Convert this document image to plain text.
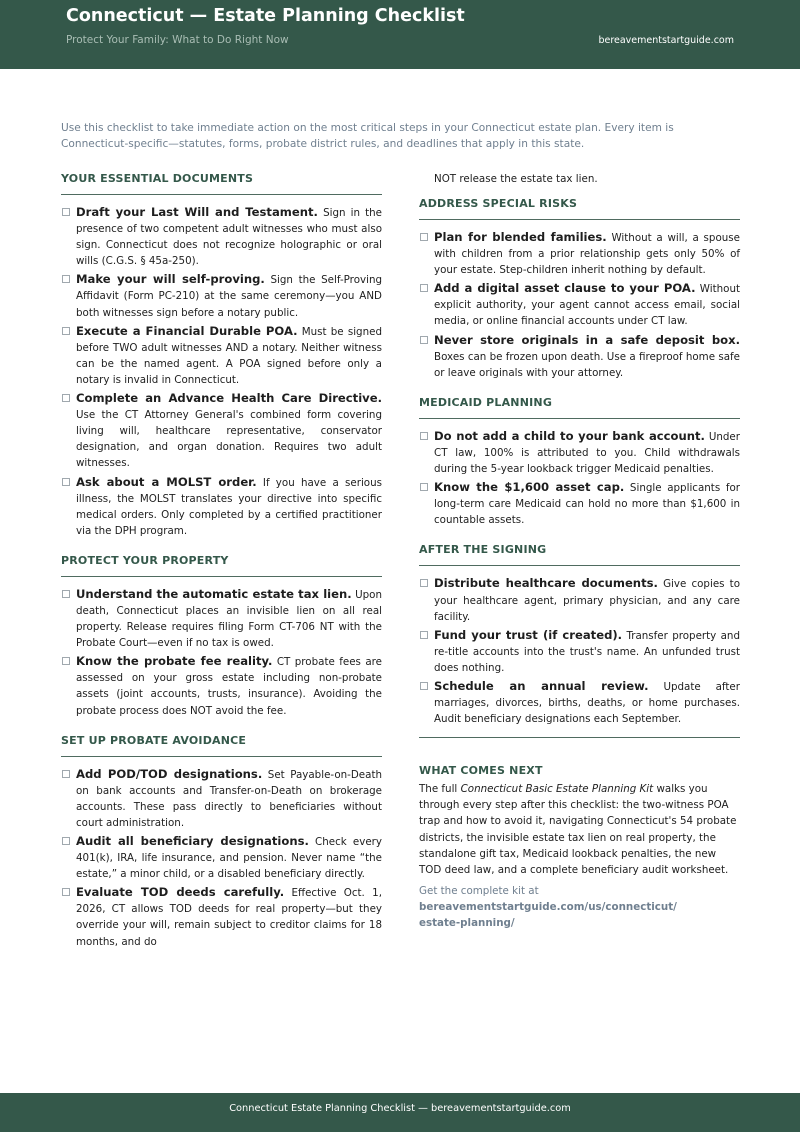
Connecticut — Estate Planning Checklist
Protect Your Family: What to Do Right Now	bereavementstartguide.com
Use this checklist to take immediate action on the most critical steps in your Connecticut estate plan. Every item is Connecticut-specific—statutes, forms, probate district rules, and deadlines that apply in this state.
YOUR ESSENTIAL DOCUMENTS
Draft your Last Will and Testament. Sign in the presence of two competent adult witnesses who must also sign. Connecticut does not recognize holographic or oral wills (C.G.S. § 45a-250).
Make your will self-proving. Sign the Self-Proving Affidavit (Form PC-210) at the same ceremony—you AND both witnesses sign before a notary public.
Execute a Financial Durable POA. Must be signed before TWO adult witnesses AND a notary. Neither witness can be the named agent. A POA signed before only a notary is invalid in Connecticut.
Complete an Advance Health Care Directive. Use the CT Attorney General's combined form covering living will, healthcare representative, conservator designation, and organ donation. Requires two adult witnesses.
Ask about a MOLST order. If you have a serious illness, the MOLST translates your directive into specific medical orders. Only completed by a certified practitioner via the DPH program.
PROTECT YOUR PROPERTY
Understand the automatic estate tax lien. Upon death, Connecticut places an invisible lien on all real property. Release requires filing Form CT-706 NT with the Probate Court—even if no tax is owed.
Know the probate fee reality. CT probate fees are assessed on your gross estate including non-probate assets (joint accounts, trusts, insurance). Avoiding the probate process does NOT avoid the fee.
SET UP PROBATE AVOIDANCE
Add POD/TOD designations. Set Payable-on-Death on bank accounts and Transfer-on-Death on brokerage accounts. These pass directly to beneficiaries without court administration.
Audit all beneficiary designations. Check every 401(k), IRA, life insurance, and pension. Never name “the estate,” a minor child, or a disabled beneficiary directly.
Evaluate TOD deeds carefully. Effective Oct. 1, 2026, CT allows TOD deeds for real property—but they override your will, remain subject to creditor claims for 18 months, and do
NOT release the estate tax lien.
ADDRESS SPECIAL RISKS
Plan for blended families. Without a will, a spouse with children from a prior relationship gets only 50% of your estate. Step-children inherit nothing by default.
Add a digital asset clause to your POA. Without explicit authority, your agent cannot access email, social media, or online financial accounts under CT law.
Never store originals in a safe deposit box. Boxes can be frozen upon death. Use a fireproof home safe or leave originals with your attorney.
MEDICAID PLANNING
Do not add a child to your bank account. Under CT law, 100% is attributed to you. Child withdrawals during the 5-year lookback trigger Medicaid penalties.
Know the $1,600 asset cap. Single applicants for long-term care Medicaid can hold no more than $1,600 in countable assets.
AFTER THE SIGNING
Distribute healthcare documents. Give copies to your healthcare agent, primary physician, and any care facility.
Fund your trust (if created). Transfer property and re-title accounts into the trust's name. An unfunded trust does nothing.
Schedule an annual review. Update after marriages, divorces, births, deaths, or home purchases. Audit beneficiary designations each September.
WHAT COMES NEXT
The full Connecticut Basic Estate Planning Kit walks you through every step after this checklist: the two-witness POA trap and how to avoid it, navigating Connecticut's 54 probate districts, the invisible estate tax lien on real property, the standalone gift tax, Medicaid lookback penalties, the new TOD deed law, and a complete beneficiary audit worksheet.
Get the complete kit at
bereavementstartguide.com/us/connecticut/
estate-planning/
Connecticut Estate Planning Checklist — bereavementstartguide.com
